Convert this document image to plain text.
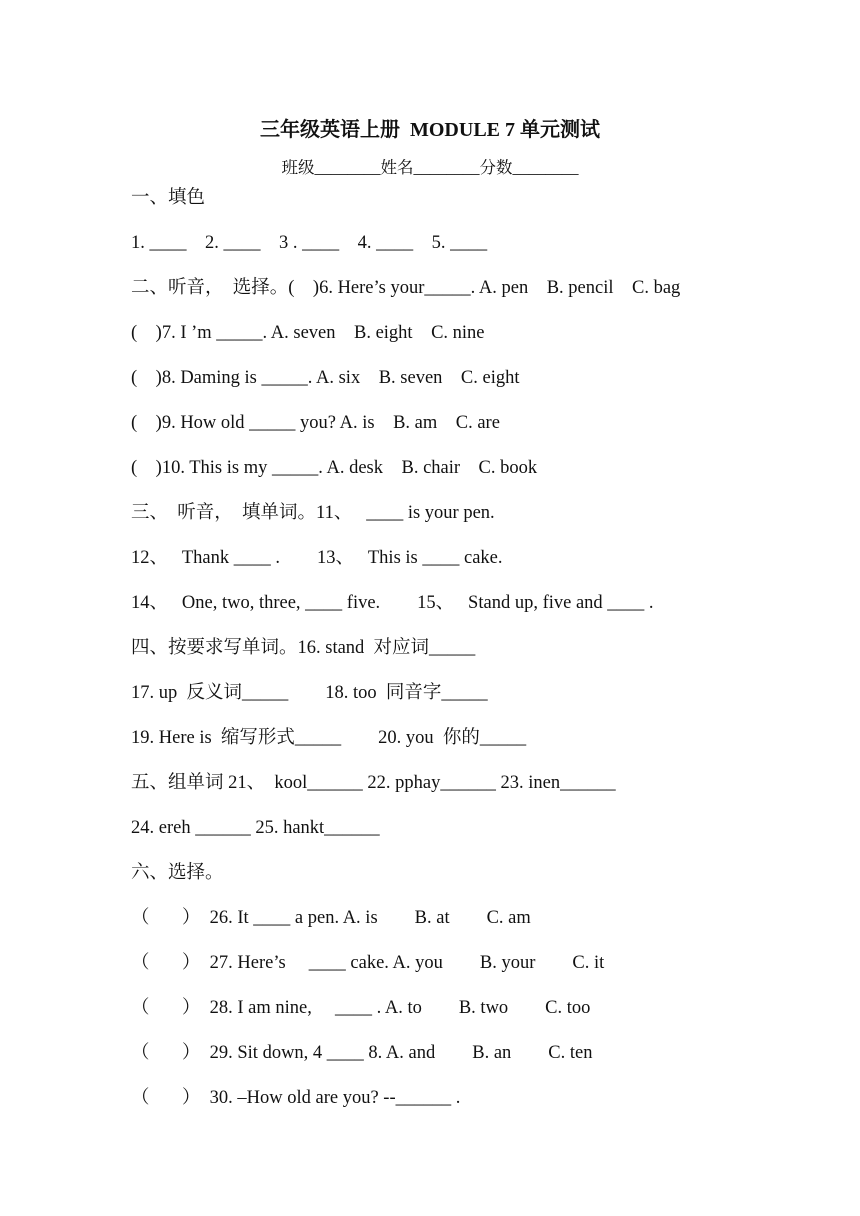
三年级英语上册  MODULE 7 单元测试
班级________姓名________分数________
一、填色
1. ____    2. ____    3 . ____    4. ____    5. ____
二、听音，  选择。(    )6. Here’s your_____. A. pen    B. pencil    C. bag
(    )7. I ’m _____. A. seven    B. eight    C. nine
(    )8. Daming is _____. A. six    B. seven    C. eight
(    )9. How old _____ you? A. is    B. am    C. are
(    )10. This is my _____. A. desk    B. chair    C. book
三、  听音，  填单词。11、   ____ is your pen.
12、   Thank ____ .        13、   This is ____ cake.
14、   One, two, three, ____ five.        15、   Stand up, five and ____ .
四、按要求写单词。16. stand  对应词_____
17. up  反义词_____        18. too  同音字_____
19. Here is  缩写形式_____        20. you  你的_____
五、组单词 21、  kool______ 22. pphay______ 23. inen______
24. ereh ______ 25. hankt______
六、选择。
（       ）  26. It ____ a pen. A. is        B. at        C. am
（       ）  27. Here’s     ____ cake. A. you        B. your        C. it
（       ）  28. I am nine,     ____ . A. to        B. two        C. too
（       ）  29. Sit down, 4 ____ 8. A. and        B. an        C. ten
（       ）  30. –How old are you? --______ .
